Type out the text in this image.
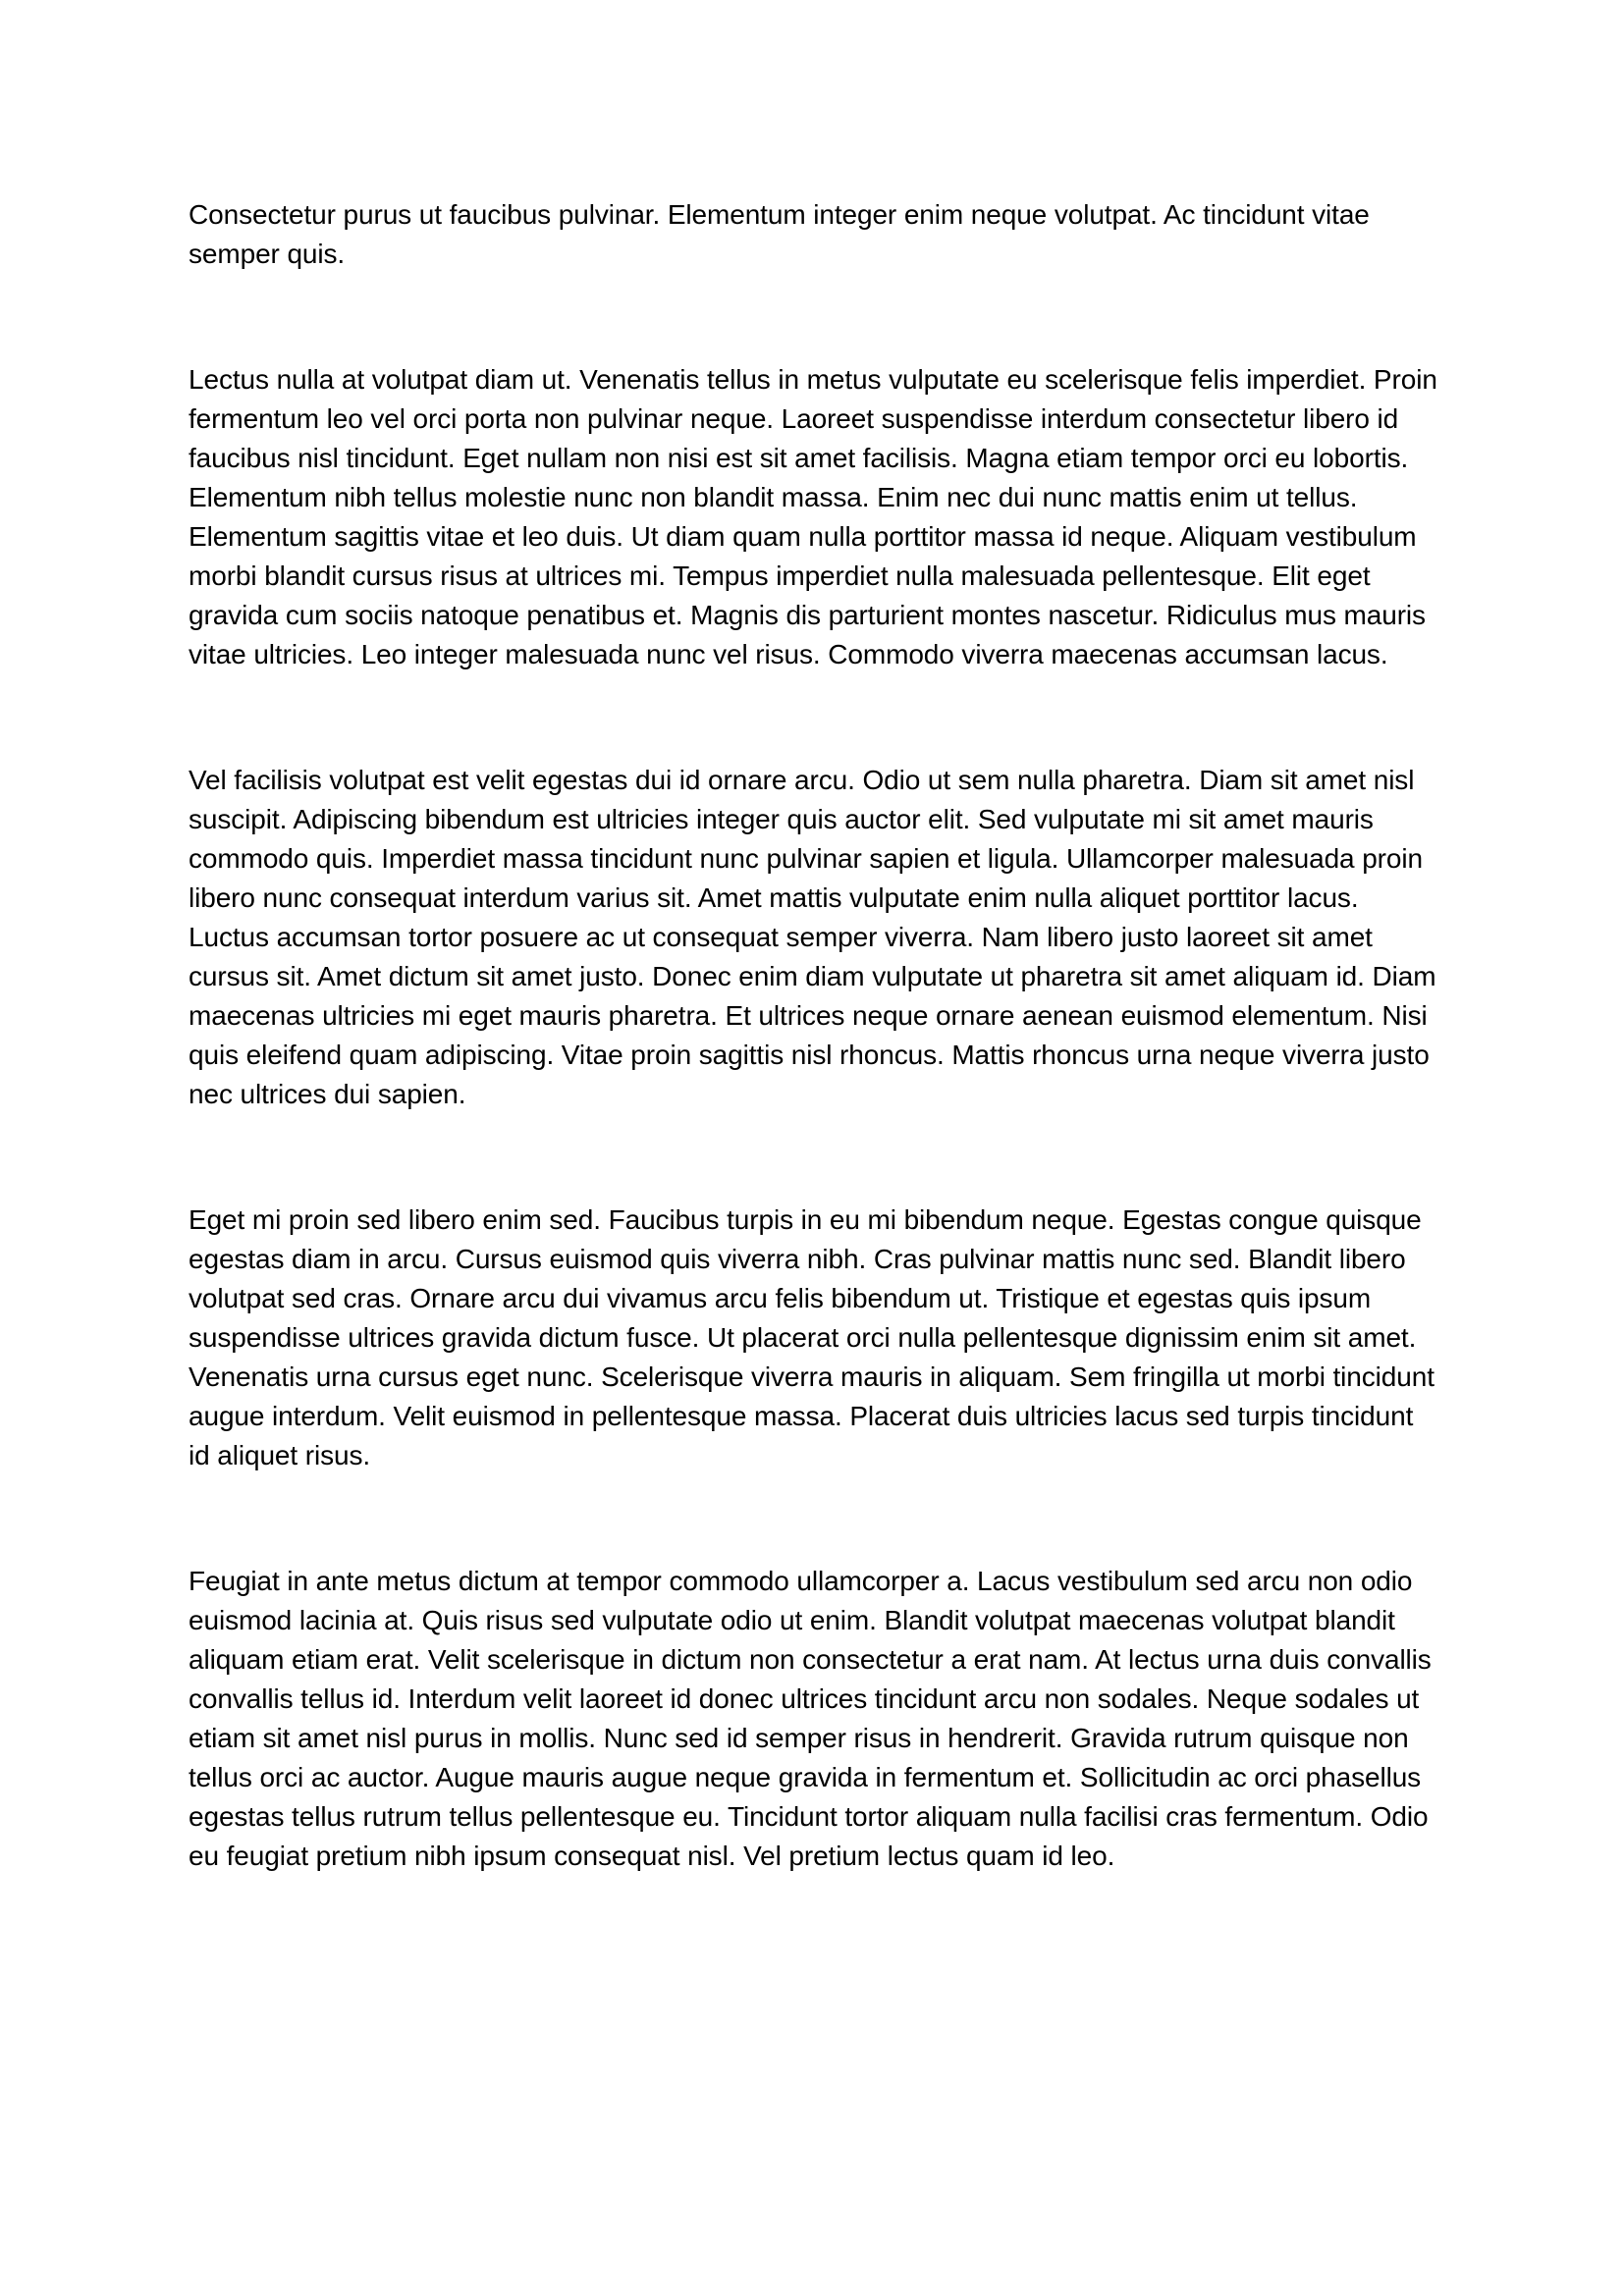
Consectetur purus ut faucibus pulvinar. Elementum integer enim neque volutpat. Ac tincidunt vitae semper quis.

Lectus nulla at volutpat diam ut. Venenatis tellus in metus vulputate eu scelerisque felis imperdiet. Proin fermentum leo vel orci porta non pulvinar neque. Laoreet suspendisse interdum consectetur libero id faucibus nisl tincidunt. Eget nullam non nisi est sit amet facilisis. Magna etiam tempor orci eu lobortis. Elementum nibh tellus molestie nunc non blandit massa. Enim nec dui nunc mattis enim ut tellus. Elementum sagittis vitae et leo duis. Ut diam quam nulla porttitor massa id neque. Aliquam vestibulum morbi blandit cursus risus at ultrices mi. Tempus imperdiet nulla malesuada pellentesque. Elit eget gravida cum sociis natoque penatibus et. Magnis dis parturient montes nascetur. Ridiculus mus mauris vitae ultricies. Leo integer malesuada nunc vel risus. Commodo viverra maecenas accumsan lacus.

Vel facilisis volutpat est velit egestas dui id ornare arcu. Odio ut sem nulla pharetra. Diam sit amet nisl suscipit. Adipiscing bibendum est ultricies integer quis auctor elit. Sed vulputate mi sit amet mauris commodo quis. Imperdiet massa tincidunt nunc pulvinar sapien et ligula. Ullamcorper malesuada proin libero nunc consequat interdum varius sit. Amet mattis vulputate enim nulla aliquet porttitor lacus. Luctus accumsan tortor posuere ac ut consequat semper viverra. Nam libero justo laoreet sit amet cursus sit. Amet dictum sit amet justo. Donec enim diam vulputate ut pharetra sit amet aliquam id. Diam maecenas ultricies mi eget mauris pharetra. Et ultrices neque ornare aenean euismod elementum. Nisi quis eleifend quam adipiscing. Vitae proin sagittis nisl rhoncus. Mattis rhoncus urna neque viverra justo nec ultrices dui sapien.

Eget mi proin sed libero enim sed. Faucibus turpis in eu mi bibendum neque. Egestas congue quisque egestas diam in arcu. Cursus euismod quis viverra nibh. Cras pulvinar mattis nunc sed. Blandit libero volutpat sed cras. Ornare arcu dui vivamus arcu felis bibendum ut. Tristique et egestas quis ipsum suspendisse ultrices gravida dictum fusce. Ut placerat orci nulla pellentesque dignissim enim sit amet. Venenatis urna cursus eget nunc. Scelerisque viverra mauris in aliquam. Sem fringilla ut morbi tincidunt augue interdum. Velit euismod in pellentesque massa. Placerat duis ultricies lacus sed turpis tincidunt id aliquet risus.

Feugiat in ante metus dictum at tempor commodo ullamcorper a. Lacus vestibulum sed arcu non odio euismod lacinia at. Quis risus sed vulputate odio ut enim. Blandit volutpat maecenas volutpat blandit aliquam etiam erat. Velit scelerisque in dictum non consectetur a erat nam. At lectus urna duis convallis convallis tellus id. Interdum velit laoreet id donec ultrices tincidunt arcu non sodales. Neque sodales ut etiam sit amet nisl purus in mollis. Nunc sed id semper risus in hendrerit. Gravida rutrum quisque non tellus orci ac auctor. Augue mauris augue neque gravida in fermentum et. Sollicitudin ac orci phasellus egestas tellus rutrum tellus pellentesque eu. Tincidunt tortor aliquam nulla facilisi cras fermentum. Odio eu feugiat pretium nibh ipsum consequat nisl. Vel pretium lectus quam id leo.
